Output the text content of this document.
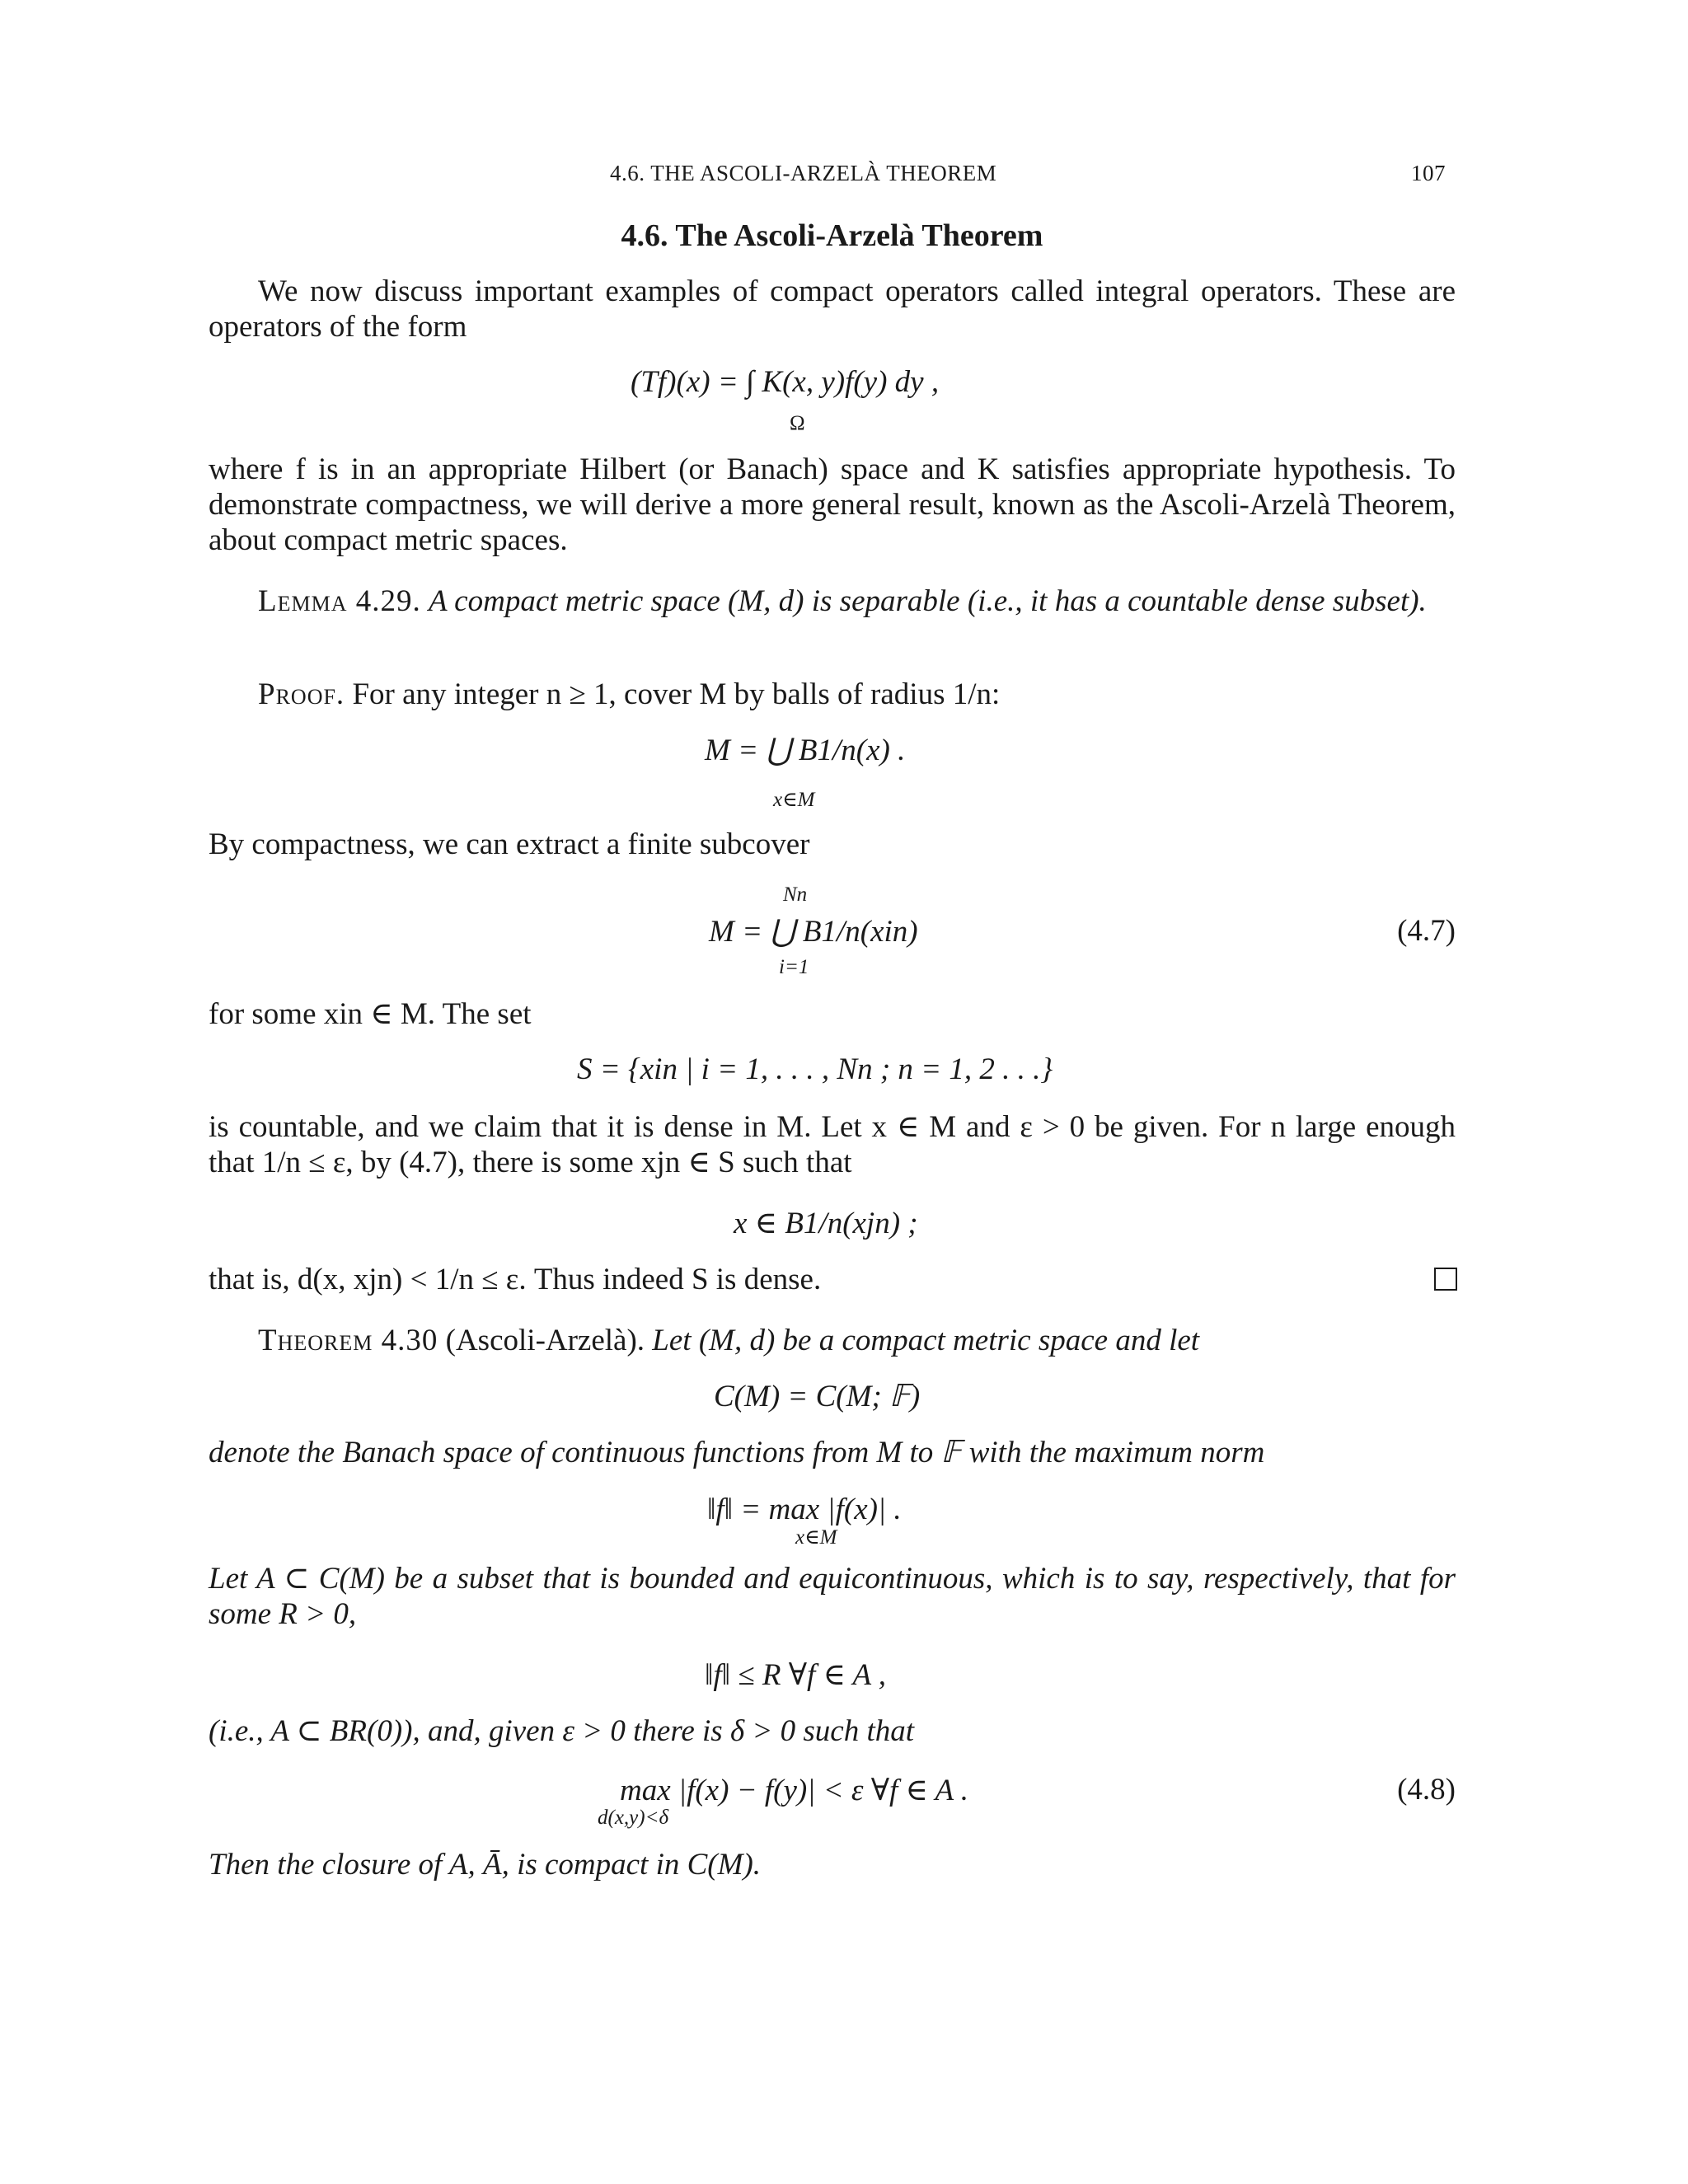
4.6. THE ASCOLI-ARZELÀ THEOREM	107
4.6. The Ascoli-Arzelà Theorem
We now discuss important examples of compact operators called integral operators. These are operators of the form
(Tf)(x) = ∫ K(x, y)f(y) dy ,
Ω
where f is in an appropriate Hilbert (or Banach) space and K satisfies appropriate hypothesis. To demonstrate compactness, we will derive a more general result, known as the Ascoli-Arzelà Theorem, about compact metric spaces.
Lemma 4.29. A compact metric space (M, d) is separable (i.e., it has a countable dense subset).
Proof. For any integer n ≥ 1, cover M by balls of radius 1/n:
M = ⋃ B1/n(x) .
x∈M
By compactness, we can extract a finite subcover
Nn
M = ⋃ B1/n(xin)
i=1
(4.7)
for some xin ∈ M. The set
S = {xin | i = 1, . . . , Nn ; n = 1, 2 . . .}
is countable, and we claim that it is dense in M. Let x ∈ M and ε > 0 be given. For n large enough that 1/n ≤ ε, by (4.7), there is some xjn ∈ S such that
x ∈ B1/n(xjn) ;
that is, d(x, xjn) < 1/n ≤ ε. Thus indeed S is dense.
Theorem 4.30 (Ascoli-Arzelà). Let (M, d) be a compact metric space and let
C(M) = C(M; 𝔽)
denote the Banach space of continuous functions from M to 𝔽 with the maximum norm
‖f‖ = max |f(x)| .
x∈M
Let A ⊂ C(M) be a subset that is bounded and equicontinuous, which is to say, respectively, that for some R > 0,
‖f‖ ≤ R ∀f ∈ A ,
(i.e., A ⊂ BR(0)), and, given ε > 0 there is δ > 0 such that
max |f(x) − f(y)| < ε ∀f ∈ A .
d(x,y)<δ
(4.8)
Then the closure of A, Ā, is compact in C(M).
